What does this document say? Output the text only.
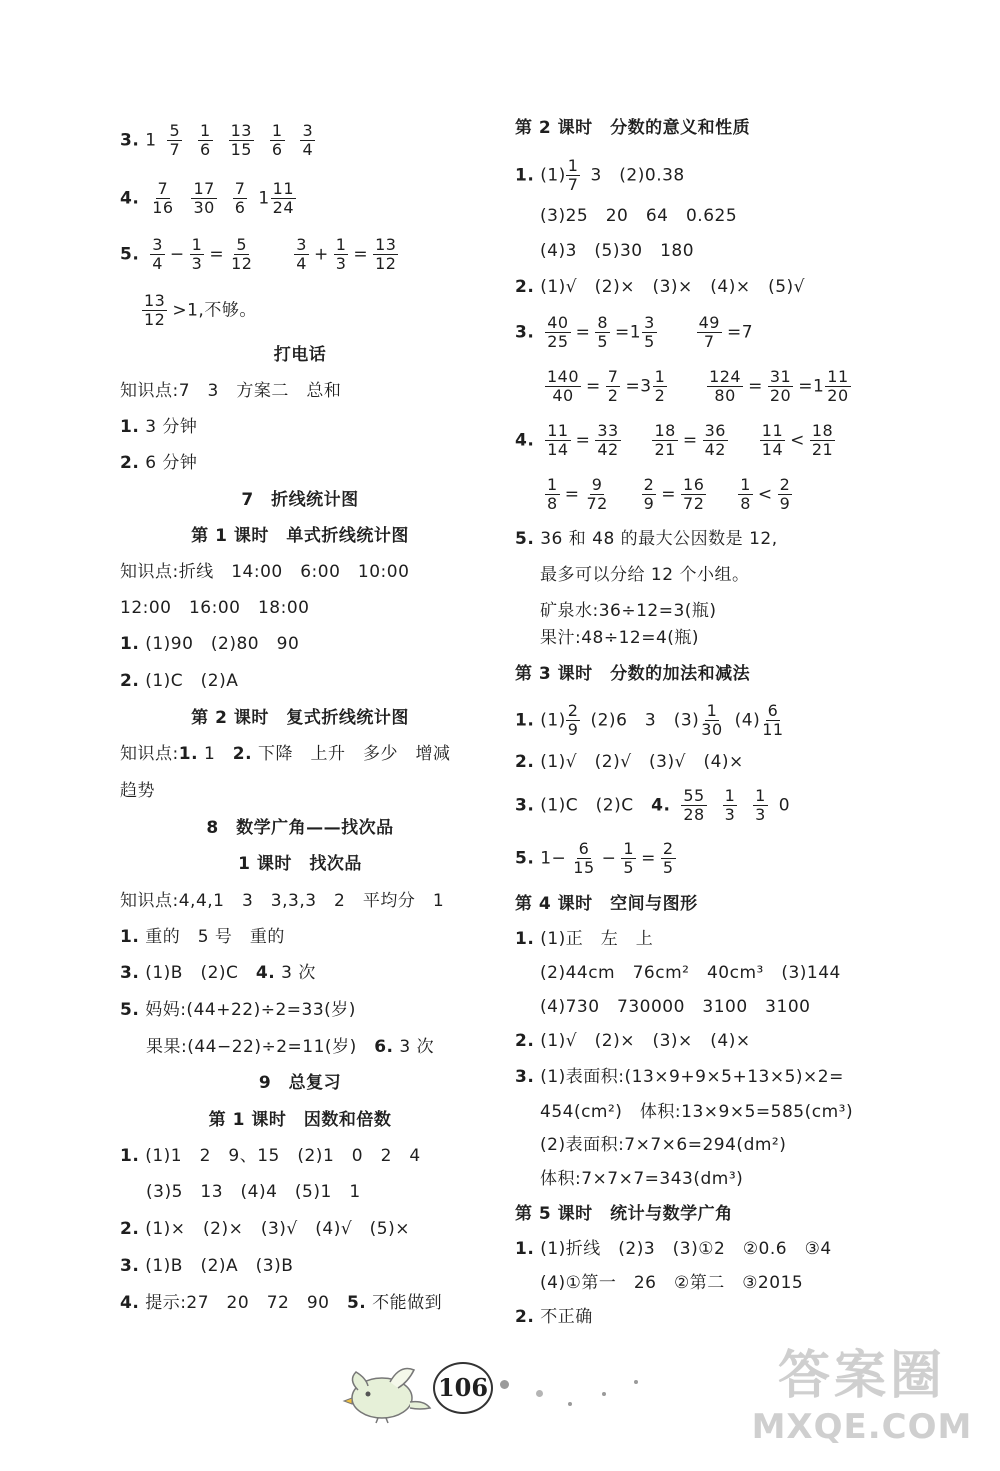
3. $1 \frac{5}{7}$
$\frac{1}{6}$
$\frac{13}{15}$
$\frac{1}{6}$
$\frac{3}{4}$
4. $\frac{7}{16}$
$\frac{17}{30}$
$\frac{7}{6} 1 \frac{11}{24}$
5. $\frac{3}{4} - \frac{1}{3} = \frac{5}{12}$
$\frac{3}{4} + \frac{1}{3} = \frac{13}{12}$
$\frac{13}{12} >1$,不够。
打电话
知识点:7　3　方案二　总和
1. 3 分钟
2. 6 分钟
7　折线统计图
第 1 课时　单式折线统计图
知识点:折线　14:00　6:00　10:00
12:00　16:00　18:00
1. (1)90　(2)80　90
2. (1)C　(2)A
第 2 课时　复式折线统计图
知识点:1. 1　2. 下降　上升　多少　增减
趋势
8　数学广角——找次品
1 课时　找次品
知识点:4,4,1　3　3,3,3　2　平均分　1
1. 重的　5 号　重的
3. (1)B　(2)C　4. 3 次
5. 妈妈:(44+22)÷2=33(岁)
果果:(44−22)÷2=11(岁)　6. 3 次
9　总复习
第 1 课时　因数和倍数
1. (1)1　2　9、15　(2)1　0　2　4
(3)5　13　(4)4　(5)1　1
2. (1)×　(2)×　(3)√　(4)√　(5)×
3. (1)B　(2)A　(3)B
4. 提示:27　20　72　90　5. 不能做到
第 2 课时　分数的意义和性质
1. $(1) \frac{1}{7} 3$　(2)0.38
(3)25　20　64　0.625
(4)3　(5)30　180
2. (1)√　(2)×　(3)×　(4)×　(5)√
3. $\frac{40}{25} = \frac{8}{5} =1 \frac{3}{5}$
$\frac{49}{7} =7$
$\frac{140}{40} = \frac{7}{2} =3 \frac{1}{2}$
$\frac{124}{80} = \frac{31}{20} =1 \frac{11}{20}$
4. $\frac{11}{14} = \frac{33}{42}$
$\frac{18}{21} = \frac{36}{42}$
$\frac{11}{14} < \frac{18}{21}$
$\frac{1}{8} = \frac{9}{72}$
$\frac{2}{9} = \frac{16}{72}$
$\frac{1}{8} < \frac{2}{9}$
5. 36 和 48 的最大公因数是 12,
最多可以分给 12 个小组。
矿泉水:36÷12=3(瓶)
果汁:48÷12=4(瓶)
第 3 课时　分数的加法和减法
1. $(1) \frac{2}{9} (2)6$　3　$(3) \frac{1}{30} (4) \frac{6}{11}$
2. (1)√　(2)√　(3)√　(4)×
3. (1)C　(2)C　4. $\frac{55}{28}$
$\frac{1}{3}$
$\frac{1}{3} 0$
5. $1- \frac{6}{15} - \frac{1}{5} = \frac{2}{5}$
第 4 课时　空间与图形
1. (1)正　左　上
(2)44cm　76cm²　40cm³　(3)144
(4)730　730000　3100　3100
2. (1)√　(2)×　(3)×　(4)×
3. (1)表面积:(13×9+9×5+13×5)×2=
454(cm²)　体积:13×9×5=585(cm³)
(2)表面积:7×7×6=294(dm²)
体积:7×7×7=343(dm³)
第 5 课时　统计与数学广角
1. (1)折线　(2)3　(3)①2　②0.6　③4
(4)①第一　26　②第二　③2015
2. 不正确
106	答案圈
MXQE.COM
